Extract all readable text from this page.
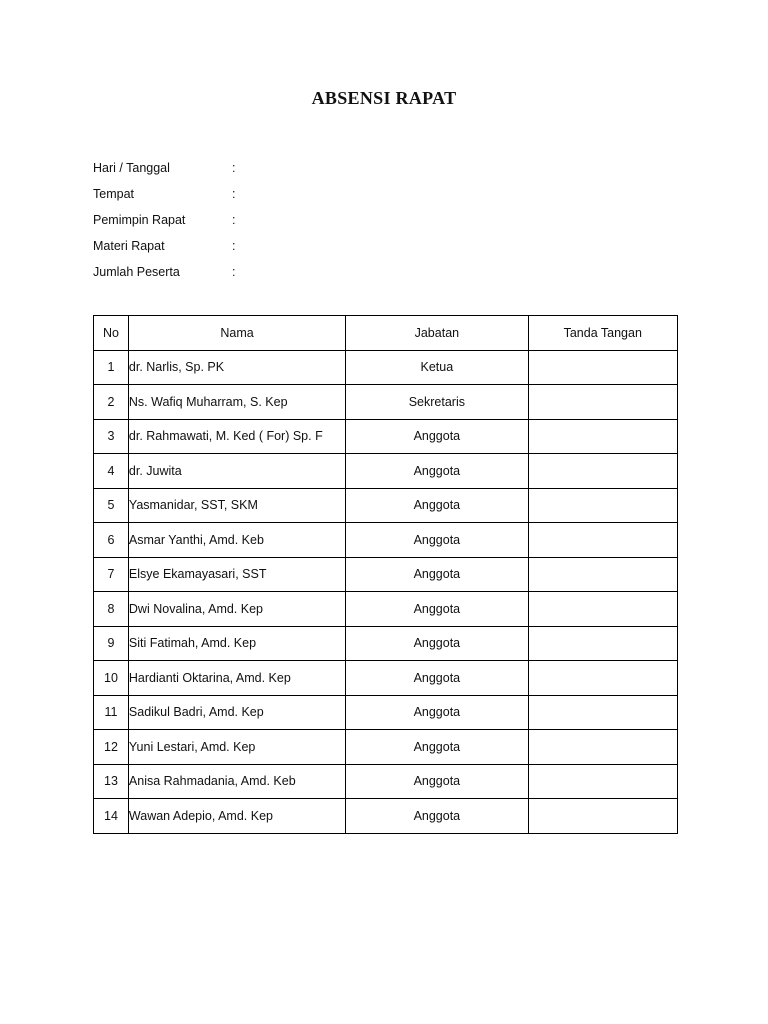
ABSENSI RAPAT
Hari / Tanggal	:
Tempat	:
Pemimpin Rapat	:
Materi Rapat	:
Jumlah Peserta	:
No	Nama	Jabatan	Tanda Tangan
1	dr. Narlis, Sp. PK	Ketua	
2	Ns. Wafiq Muharram, S. Kep	Sekretaris	
3	dr. Rahmawati, M. Ked ( For) Sp. F	Anggota	
4	dr. Juwita	Anggota	
5	Yasmanidar, SST, SKM	Anggota	
6	Asmar Yanthi, Amd. Keb	Anggota	
7	Elsye Ekamayasari, SST	Anggota	
8	Dwi Novalina, Amd. Kep	Anggota	
9	Siti Fatimah, Amd. Kep	Anggota	
10	Hardianti Oktarina, Amd. Kep	Anggota	
11	Sadikul Badri, Amd. Kep	Anggota	
12	Yuni Lestari, Amd. Kep	Anggota	
13	Anisa Rahmadania, Amd. Keb	Anggota	
14	Wawan Adepio, Amd. Kep	Anggota	
